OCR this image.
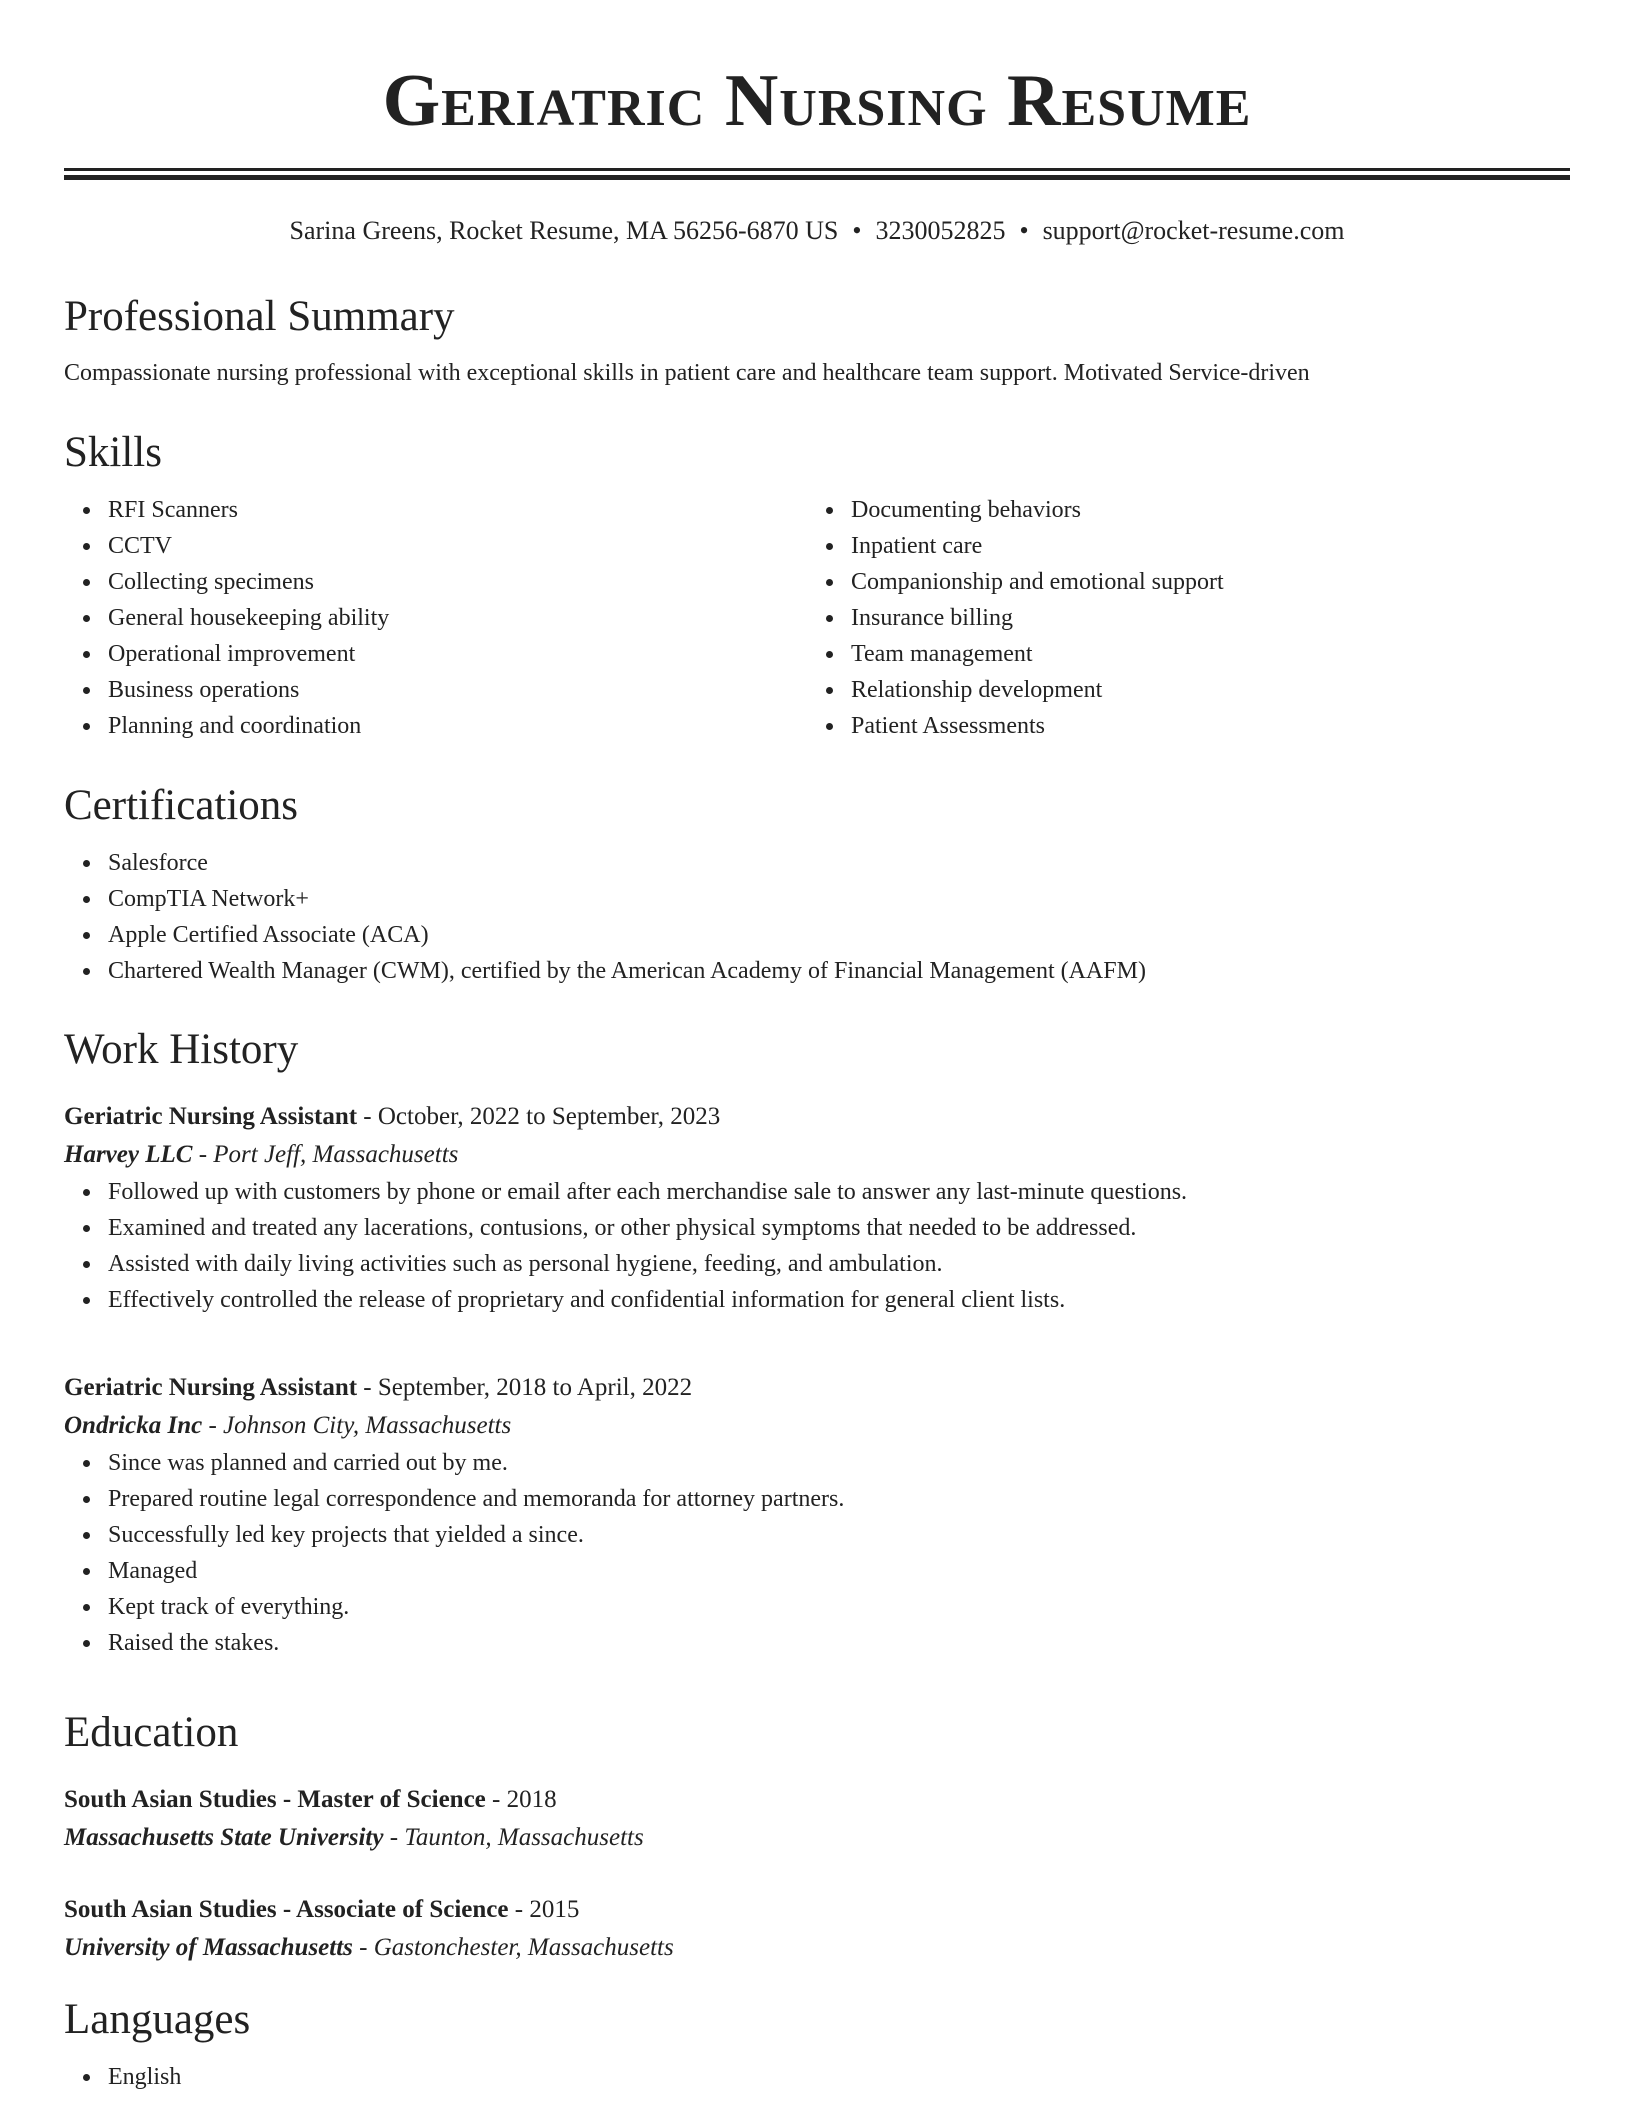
Geriatric Nursing Resume
Sarina Greens, Rocket Resume, MA 56256-6870 US • 3230052825 • support@rocket-resume.com
Professional Summary
Compassionate nursing professional with exceptional skills in patient care and healthcare team support. Motivated Service-driven
Skills
RFI Scanners
CCTV
Collecting specimens
General housekeeping ability
Operational improvement
Business operations
Planning and coordination
Documenting behaviors
Inpatient care
Companionship and emotional support
Insurance billing
Team management
Relationship development
Patient Assessments
Certifications
Salesforce
CompTIA Network+
Apple Certified Associate (ACA)
Chartered Wealth Manager (CWM), certified by the American Academy of Financial Management (AAFM)
Work History
Geriatric Nursing Assistant - October, 2022 to September, 2023
Harvey LLC - Port Jeff, Massachusetts
Followed up with customers by phone or email after each merchandise sale to answer any last-minute questions.
Examined and treated any lacerations, contusions, or other physical symptoms that needed to be addressed.
Assisted with daily living activities such as personal hygiene, feeding, and ambulation.
Effectively controlled the release of proprietary and confidential information for general client lists.
Geriatric Nursing Assistant - September, 2018 to April, 2022
Ondricka Inc - Johnson City, Massachusetts
Since was planned and carried out by me.
Prepared routine legal correspondence and memoranda for attorney partners.
Successfully led key projects that yielded a since.
Managed
Kept track of everything.
Raised the stakes.
Education
South Asian Studies - Master of Science - 2018
Massachusetts State University - Taunton, Massachusetts
South Asian Studies - Associate of Science - 2015
University of Massachusetts - Gastonchester, Massachusetts
Languages
English
